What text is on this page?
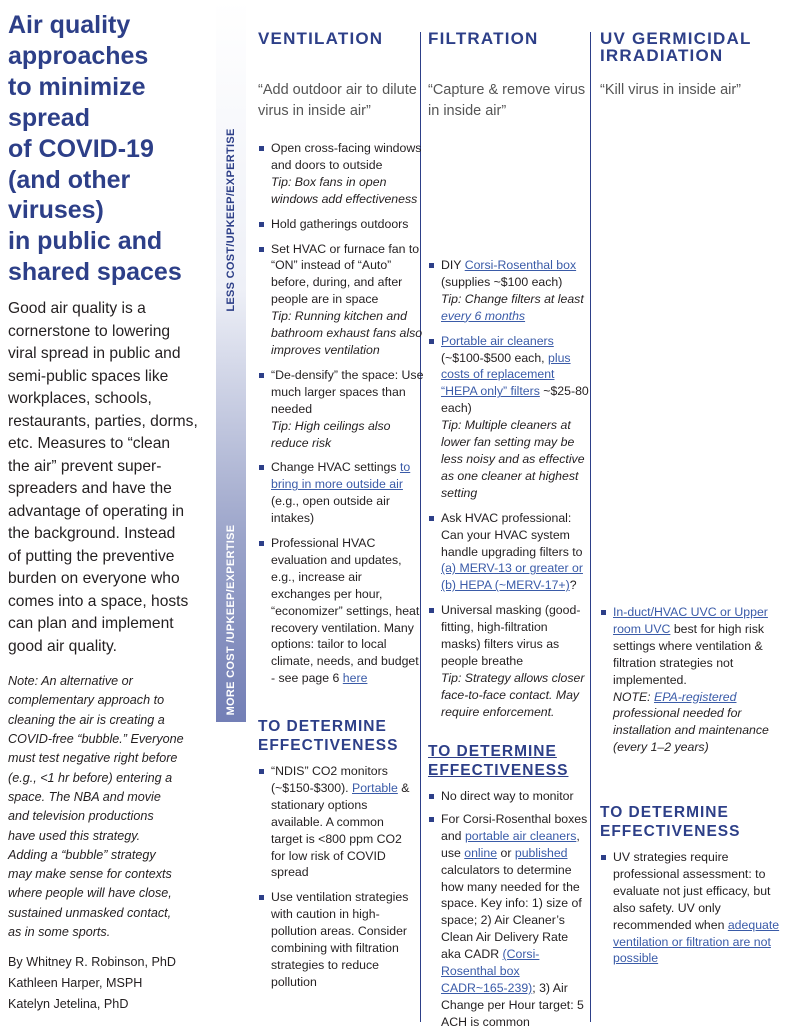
Air quality
approaches
to minimize
spread
of COVID-19
(and other
viruses)
in public and
shared spaces

Good air quality is a
cornerstone to lowering
viral spread in public and
semi-public spaces like
workplaces, schools,
restaurants, parties, dorms,
etc. Measures to “clean
the air” prevent super-
spreaders and have the
advantage of operating in
the background. Instead
of putting the preventive
burden on everyone who
comes into a space, hosts
can plan and implement
good air quality.

Note: An alternative or
complementary approach to
cleaning the air is creating a
COVID-free “bubble.” Everyone
must test negative right before
(e.g., <1 hr before) entering a
space. The NBA and movie
and television productions
have used this strategy.
Adding a “bubble” strategy
may make sense for contexts
where people will have close,
sustained unmasked contact,
as in some sports.

By Whitney R. Robinson, PhD
Kathleen Harper, MSPH
Katelyn Jetelina, PhD
LESS COST/UPKEEP/EXPERTISE
MORE COST /UPKEEP/EXPERTISE
VENTILATION
“Add outdoor air to dilute virus in inside air”
Open cross-facing windows and doors to outside
Tip: Box fans in open windows add effectiveness
Hold gatherings outdoors
Set HVAC or furnace fan to “ON” instead of “Auto” before, during, and after people are in space
Tip: Running kitchen and bathroom exhaust fans also improves ventilation
“De-densify” the space: Use much larger spaces than needed
Tip: High ceilings also reduce risk
Change HVAC settings to bring in more outside air (e.g., open outside air intakes)
Professional HVAC evaluation and updates, e.g., increase air exchanges per hour, “economizer” settings, heat recovery ventilation. Many options: tailor to local climate, needs, and budget - see page 6 here
TO DETERMINE EFFECTIVENESS
“NDIS” CO2 monitors (~$150-$300). Portable & stationary options available. A common target is <800 ppm CO2 for low risk of COVID spread
Use ventilation strategies with caution in high-pollution areas. Consider combining with filtration strategies to reduce pollution
FILTRATION
“Capture & remove virus in inside air”
DIY Corsi-Rosenthal box (supplies ~$100 each)
Tip: Change filters at least every 6 months
Portable air cleaners (~$100-$500 each, plus costs of replacement “HEPA only” filters ~$25-80 each)
Tip: Multiple cleaners at lower fan setting may be less noisy and as effective as one cleaner at highest setting
Ask HVAC professional: Can your HVAC system handle upgrading filters to (a) MERV-13 or greater or (b) HEPA (~MERV-17+)?
Universal masking (good-fitting, high-filtration masks) filters virus as people breathe
Tip: Strategy allows closer face-to-face contact. May require enforcement.
TO DETERMINE EFFECTIVENESS
No direct way to monitor
For Corsi-Rosenthal boxes and portable air cleaners, use online or published calculators to determine how many needed for the space. Key info: 1) size of space; 2) Air Cleaner’s Clean Air Delivery Rate aka CADR (Corsi-Rosenthal box CADR~165-239); 3) Air Change per Hour target: 5 ACH is common
UV GERMICIDAL IRRADIATION
“Kill virus in inside air”
In-duct/HVAC UVC or Upper room UVC best for high risk settings where ventilation & filtration strategies not implemented.
NOTE: EPA-registered professional needed for installation and maintenance (every 1–2 years)
TO DETERMINE EFFECTIVENESS
UV strategies require professional assessment: to evaluate not just efficacy, but also safety. UV only recommended when adequate ventilation or filtration are not possible
